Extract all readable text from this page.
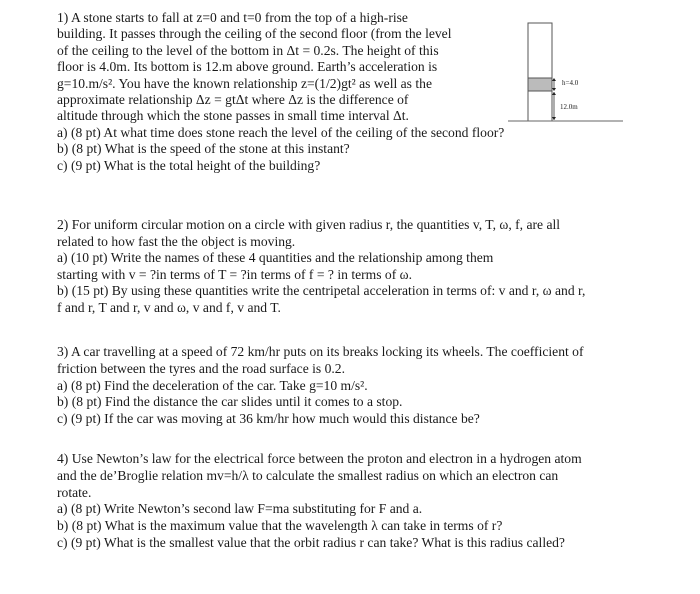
1) A stone starts to fall at z=0 and t=0 from the top of a high-rise
building. It passes through the ceiling of the second floor (from the level
of the ceiling to the level of the bottom in Δt = 0.2s. The height of this
floor is 4.0m. Its bottom is 12.m above ground. Earth’s acceleration is
g=10.m/s². You have the known relationship z=(1/2)gt² as well as the
approximate relationship Δz = gtΔt where Δz is the difference of
altitude through which the stone passes in small time interval Δt.
a) (8 pt) At what time does stone reach the level of the ceiling of the second floor?
b) (8 pt) What is the speed of the stone at this instant?
c) (9 pt) What is the total height of the building?
2) For uniform circular motion on a circle with given radius r, the quantities v, T, ω, f, are all
related to how fast the the object is moving.
a) (10 pt) Write the names of these 4 quantities and the relationship among them
starting with v = ?in terms of T = ?in terms of f = ? in terms of ω.
b) (15 pt) By using these quantities write the centripetal acceleration in terms of: v and r, ω and r,
f and r, T and r, v and ω, v and f, v and T.
3) A car travelling at a speed of 72 km/hr puts on its breaks locking its wheels. The coefficient of
friction between the tyres and the road surface is 0.2.
a) (8 pt) Find the deceleration of the car. Take g=10 m/s².
b) (8 pt) Find the distance the car slides until it comes to a stop.
c) (9 pt) If the car was moving at 36 km/hr how much would this distance be?
4) Use Newton’s law for the electrical force between the proton and electron in a hydrogen atom
and the de’Broglie relation mv=h/λ to calculate the smallest radius on which an electron can
rotate.
a) (8 pt) Write Newton’s second law F=ma substituting for F and a.
b) (8 pt) What is the maximum value that the wavelength λ can take in terms of r?
c) (9 pt) What is the smallest value that the orbit radius r can take? What is this radius called?
h=4.0
12.0m
